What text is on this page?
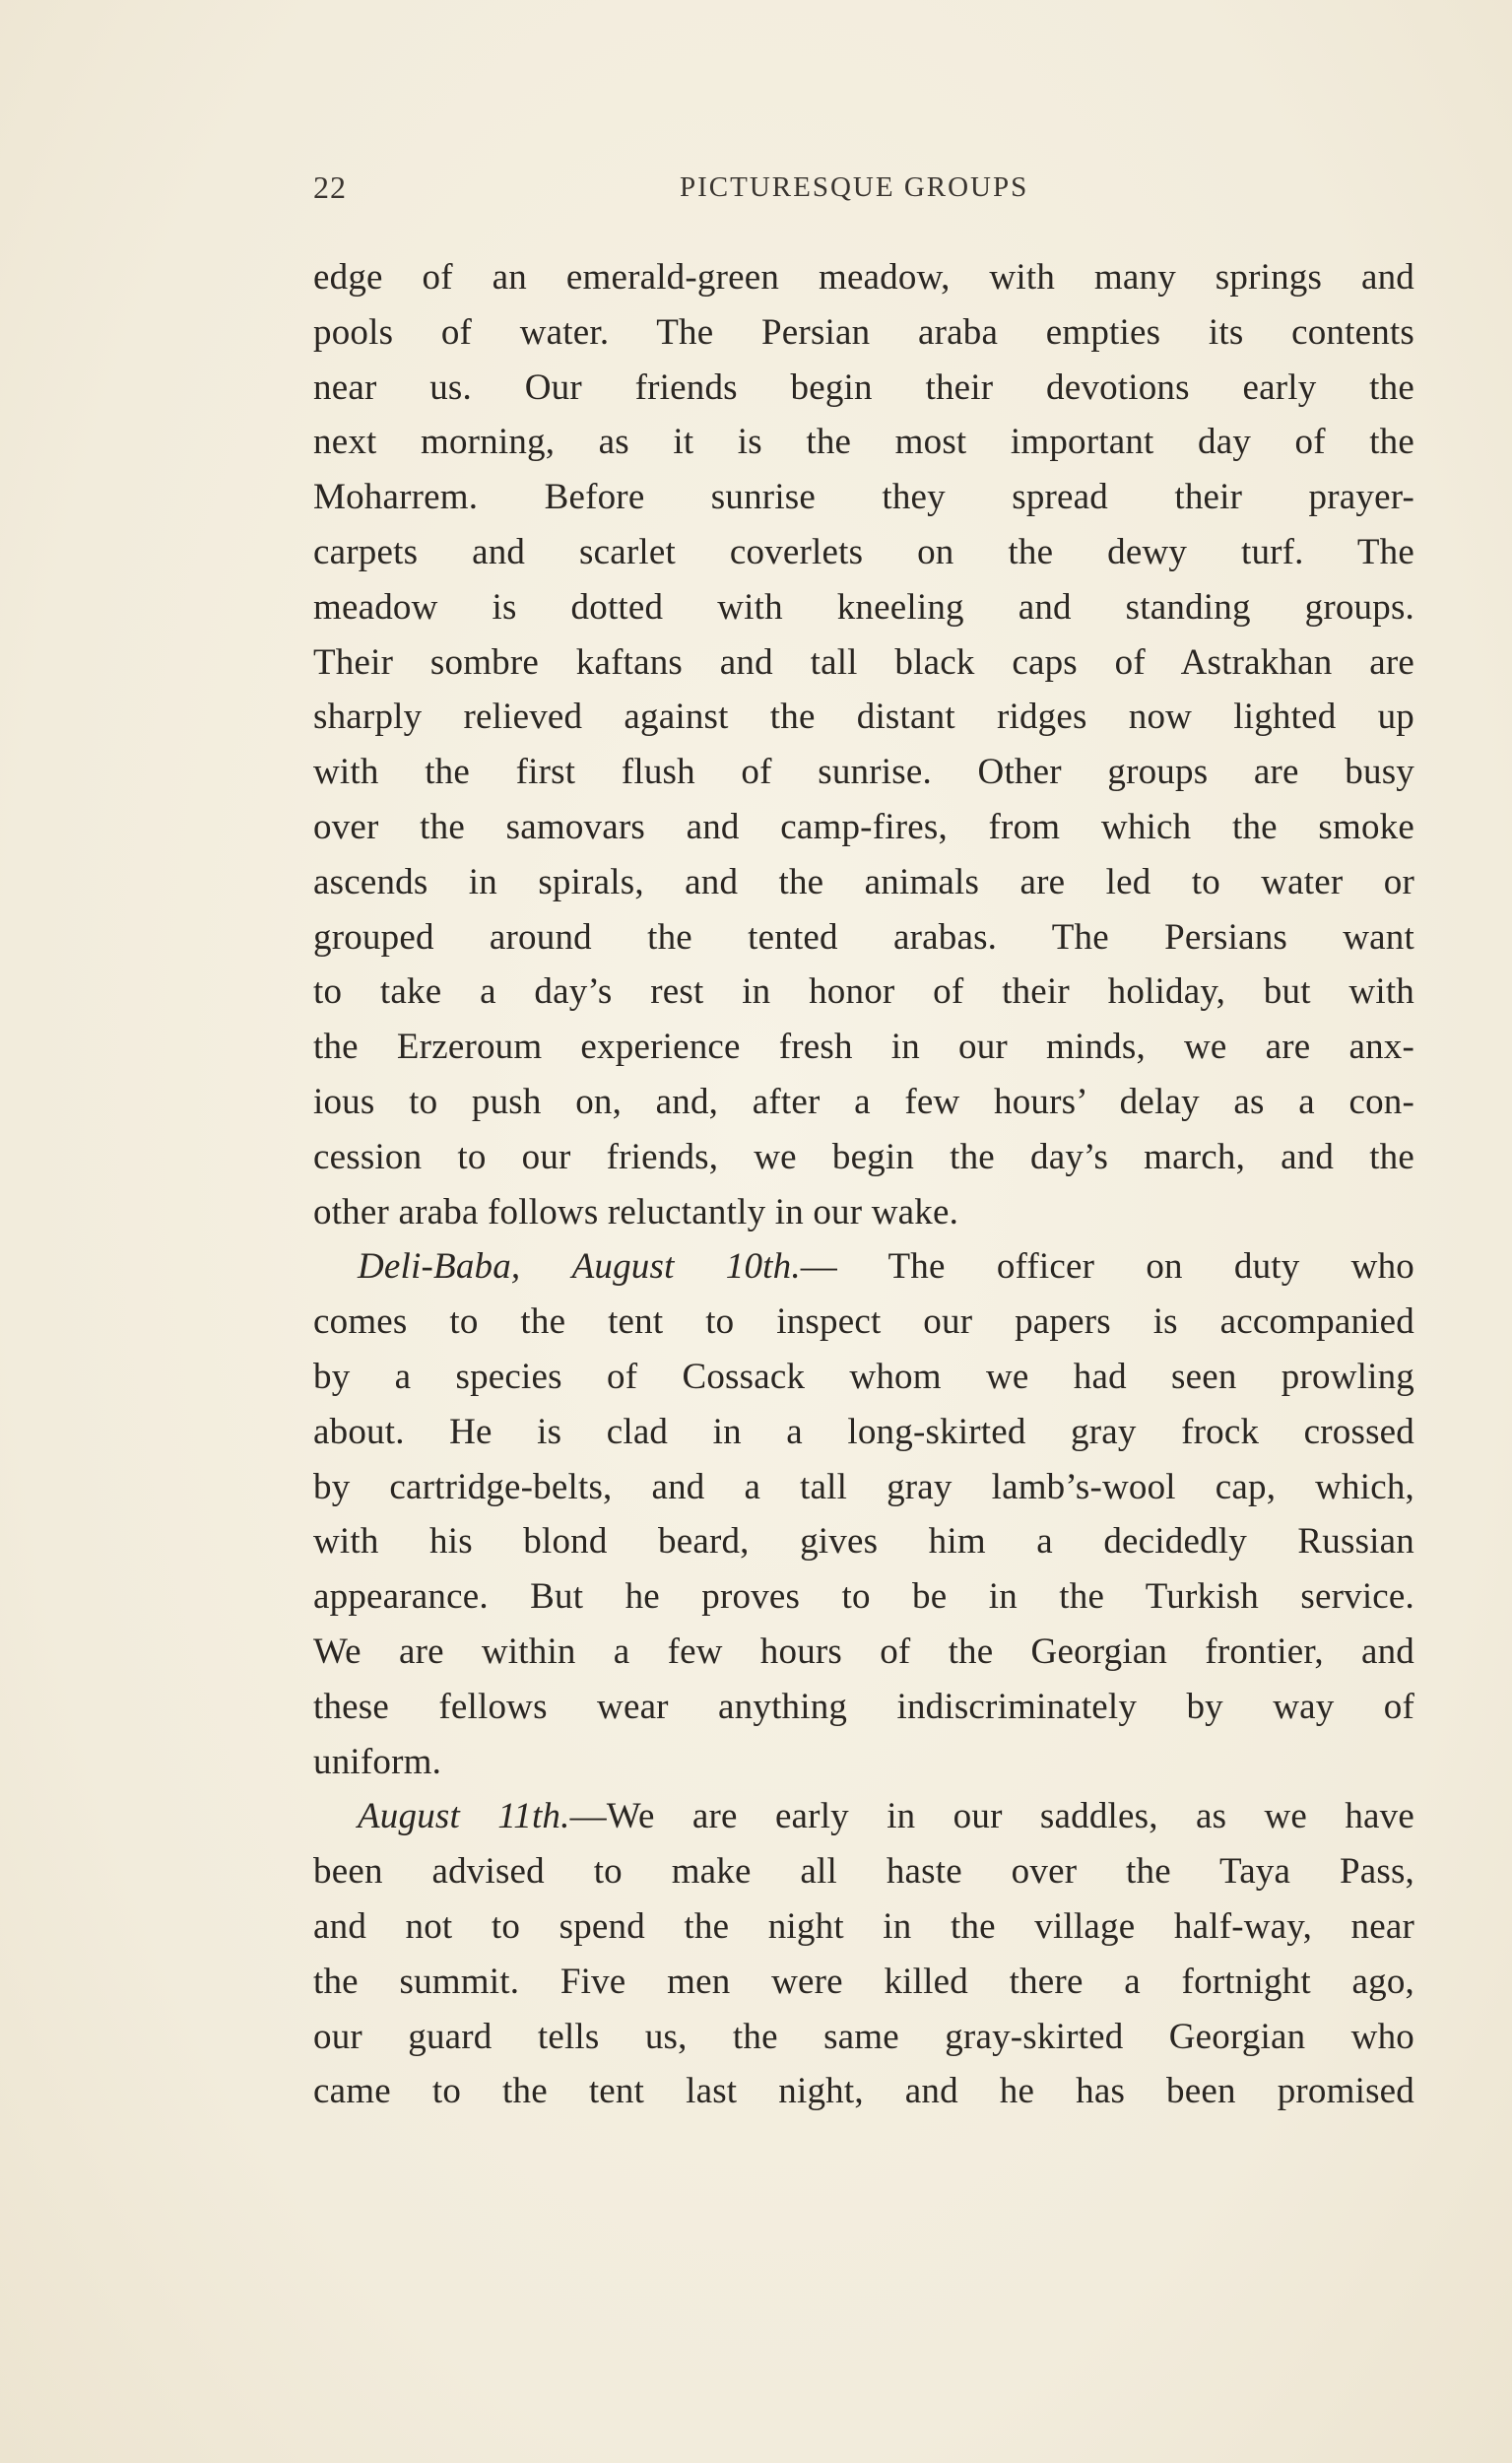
22	PICTURESQUE GROUPS
edge of an emerald-green meadow, with many springs and
pools of water. The Persian araba empties its contents
near us. Our friends begin their devotions early the
next morning, as it is the most important day of the
Moharrem. Before sunrise they spread their prayer-
carpets and scarlet coverlets on the dewy turf. The
meadow is dotted with kneeling and standing groups.
Their sombre kaftans and tall black caps of Astrakhan are
sharply relieved against the distant ridges now lighted up
with the first flush of sunrise. Other groups are busy
over the samovars and camp-fires, from which the smoke
ascends in spirals, and the animals are led to water or
grouped around the tented arabas. The Persians want
to take a day’s rest in honor of their holiday, but with
the Erzeroum experience fresh in our minds, we are anx-
ious to push on, and, after a few hours’ delay as a con-
cession to our friends, we begin the day’s march, and the
other araba follows reluctantly in our wake.
Deli-Baba, August 10th.— The officer on duty who
comes to the tent to inspect our papers is accompanied
by a species of Cossack whom we had seen prowling
about. He is clad in a long-skirted gray frock crossed
by cartridge-belts, and a tall gray lamb’s-wool cap, which,
with his blond beard, gives him a decidedly Russian
appearance. But he proves to be in the Turkish service.
We are within a few hours of the Georgian frontier, and
these fellows wear anything indiscriminately by way of
uniform.
August 11th.—We are early in our saddles, as we have
been advised to make all haste over the Taya Pass,
and not to spend the night in the village half-way, near
the summit. Five men were killed there a fortnight ago,
our guard tells us, the same gray-skirted Georgian who
came to the tent last night, and he has been promised
